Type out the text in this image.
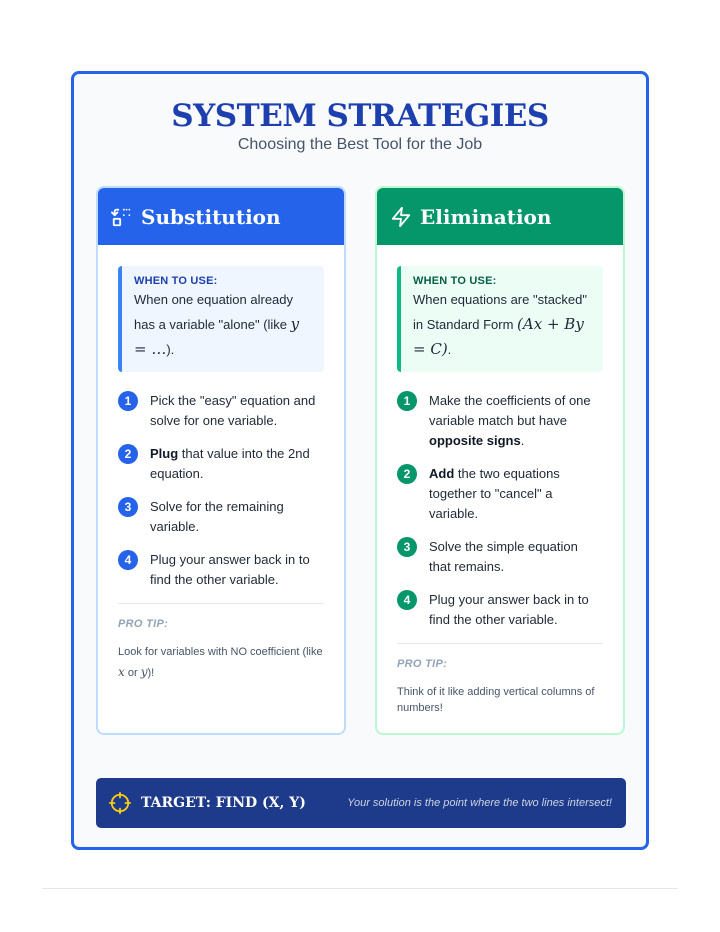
SYSTEM STRATEGIES
Choosing the Best Tool for the Job
Substitution
WHEN TO USE:
When one equation already has a variable "alone" (like y = …).
1	Pick the "easy" equation and solve for one variable.
2	Plug that value into the 2nd equation.
3	Solve for the remaining variable.
4	Plug your answer back in to find the other variable.
PRO TIP:
Look for variables with NO coefficient (like x or y)!
Elimination
WHEN TO USE:
When equations are "stacked" in Standard Form (Ax + By = C).
1	Make the coefficients of one variable match but have opposite signs.
2	Add the two equations together to "cancel" a variable.
3	Solve the simple equation that remains.
4	Plug your answer back in to find the other variable.
PRO TIP:
Think of it like adding vertical columns of numbers!
TARGET: FIND (X, Y)	Your solution is the point where the two lines intersect!
